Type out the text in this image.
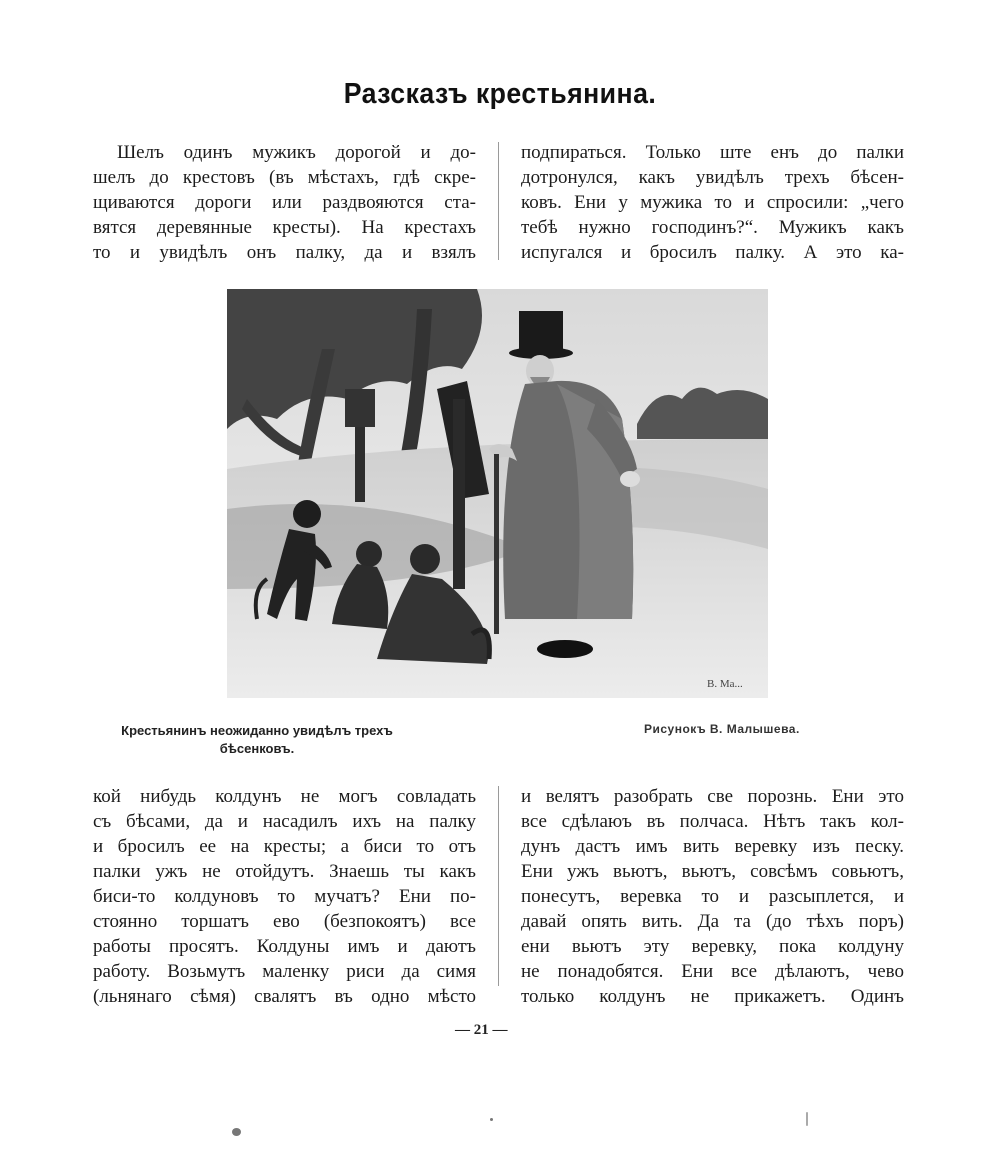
Разсказъ крестьянина.
Шелъ одинъ мужикъ дорогой и до-
шелъ до крестовъ (въ мѣстахъ, гдѣ скре-
щиваются дороги или раздвояются ста-
вятся деревянные кресты). На крестахъ
то и увидѣлъ онъ палку, да и взялъ
подпираться. Только ште енъ до палки
дотронулся, какъ увидѣлъ трехъ бѣсен-
ковъ. Ени у мужика то и спросили: „чего
тебѣ нужно господинъ?“. Мужикъ какъ
испугался и бросилъ палку. А это ка-
В. Ма...
Крестьянинъ неожиданно увидѣлъ трехъ
бѣсенковъ.
Рисунокъ В. Малышева.
кой нибудь колдунъ не могъ совладать
съ бѣсами, да и насадилъ ихъ на палку
и бросилъ ее на кресты; а биси то отъ
палки ужъ не отойдутъ. Знаешь ты какъ
биси-то колдуновъ то мучатъ? Ени по-
стоянно торшатъ ево (безпокоятъ) все
работы просятъ. Колдуны имъ и даютъ
работу. Возьмутъ маленку риси да симя
(льнянаго сѣмя) свалятъ въ одно мѣсто
и велятъ разобрать све порознь. Ени это
все сдѣлаюъ въ полчаса. Нѣтъ такъ кол-
дунъ дастъ имъ вить веревку изъ песку.
Ени ужъ вьютъ, вьютъ, совсѣмъ совьютъ,
понесутъ, веревка то и разсыплется, и
давай опять вить. Да та (до тѣхъ поръ)
ени вьютъ эту веревку, пока колдуну
не понадобятся. Ени все дѣлаютъ, чево
только колдунъ не прикажетъ. Одинъ
— 21 —
